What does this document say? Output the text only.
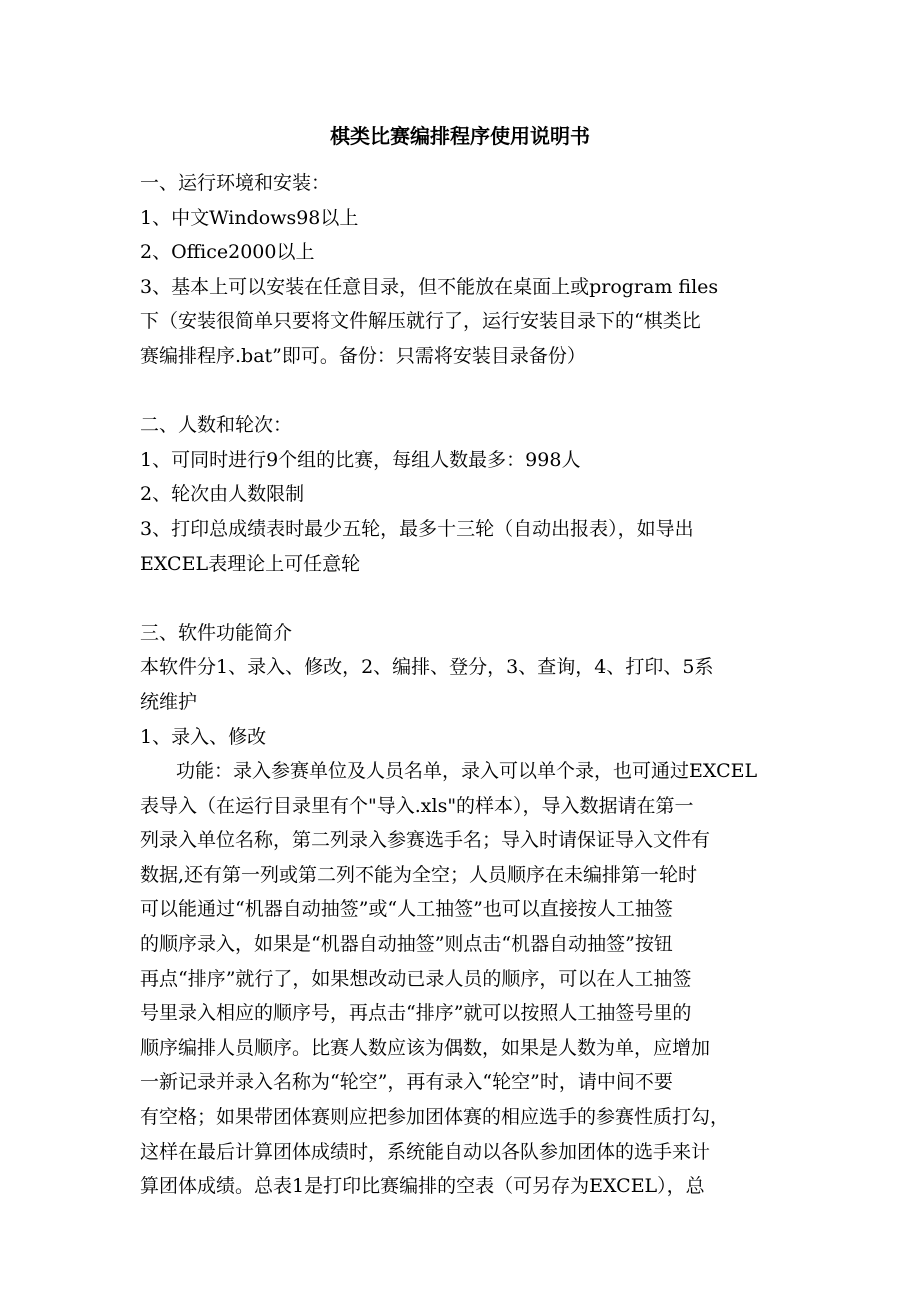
棋类比赛编排程序使用说明书
一、运行环境和安装：
1、中文Windows98以上
2、Office2000以上
3、基本上可以安装在任意目录，但不能放在桌面上或program files
下（安装很简单只要将文件解压就行了，运行安装目录下的“棋类比
赛编排程序.bat”即可。备份：只需将安装目录备份）
二、人数和轮次：
1、可同时进行9个组的比赛，每组人数最多：998人
2、轮次由人数限制
3、打印总成绩表时最少五轮，最多十三轮（自动出报表），如导出
EXCEL表理论上可任意轮
三、软件功能简介
本软件分1、录入、修改，2、编排、登分，3、查询，4、打印、5系
统维护
1、录入、修改
功能：录入参赛单位及人员名单，录入可以单个录，也可通过EXCEL
表导入（在运行目录里有个"导入.xls"的样本），导入数据请在第一
列录入单位名称，第二列录入参赛选手名；导入时请保证导入文件有
数据,还有第一列或第二列不能为全空；人员顺序在未编排第一轮时
可以能通过“机器自动抽签”或“人工抽签”也可以直接按人工抽签
的顺序录入，如果是“机器自动抽签”则点击“机器自动抽签”按钮
再点“排序”就行了，如果想改动已录人员的顺序，可以在人工抽签
号里录入相应的顺序号，再点击“排序”就可以按照人工抽签号里的
顺序编排人员顺序。比赛人数应该为偶数，如果是人数为单，应增加
一新记录并录入名称为“轮空”，再有录入“轮空”时，请中间不要
有空格；如果带团体赛则应把参加团体赛的相应选手的参赛性质打勾，
这样在最后计算团体成绩时，系统能自动以各队参加团体的选手来计
算团体成绩。总表1是打印比赛编排的空表（可另存为EXCEL），总
